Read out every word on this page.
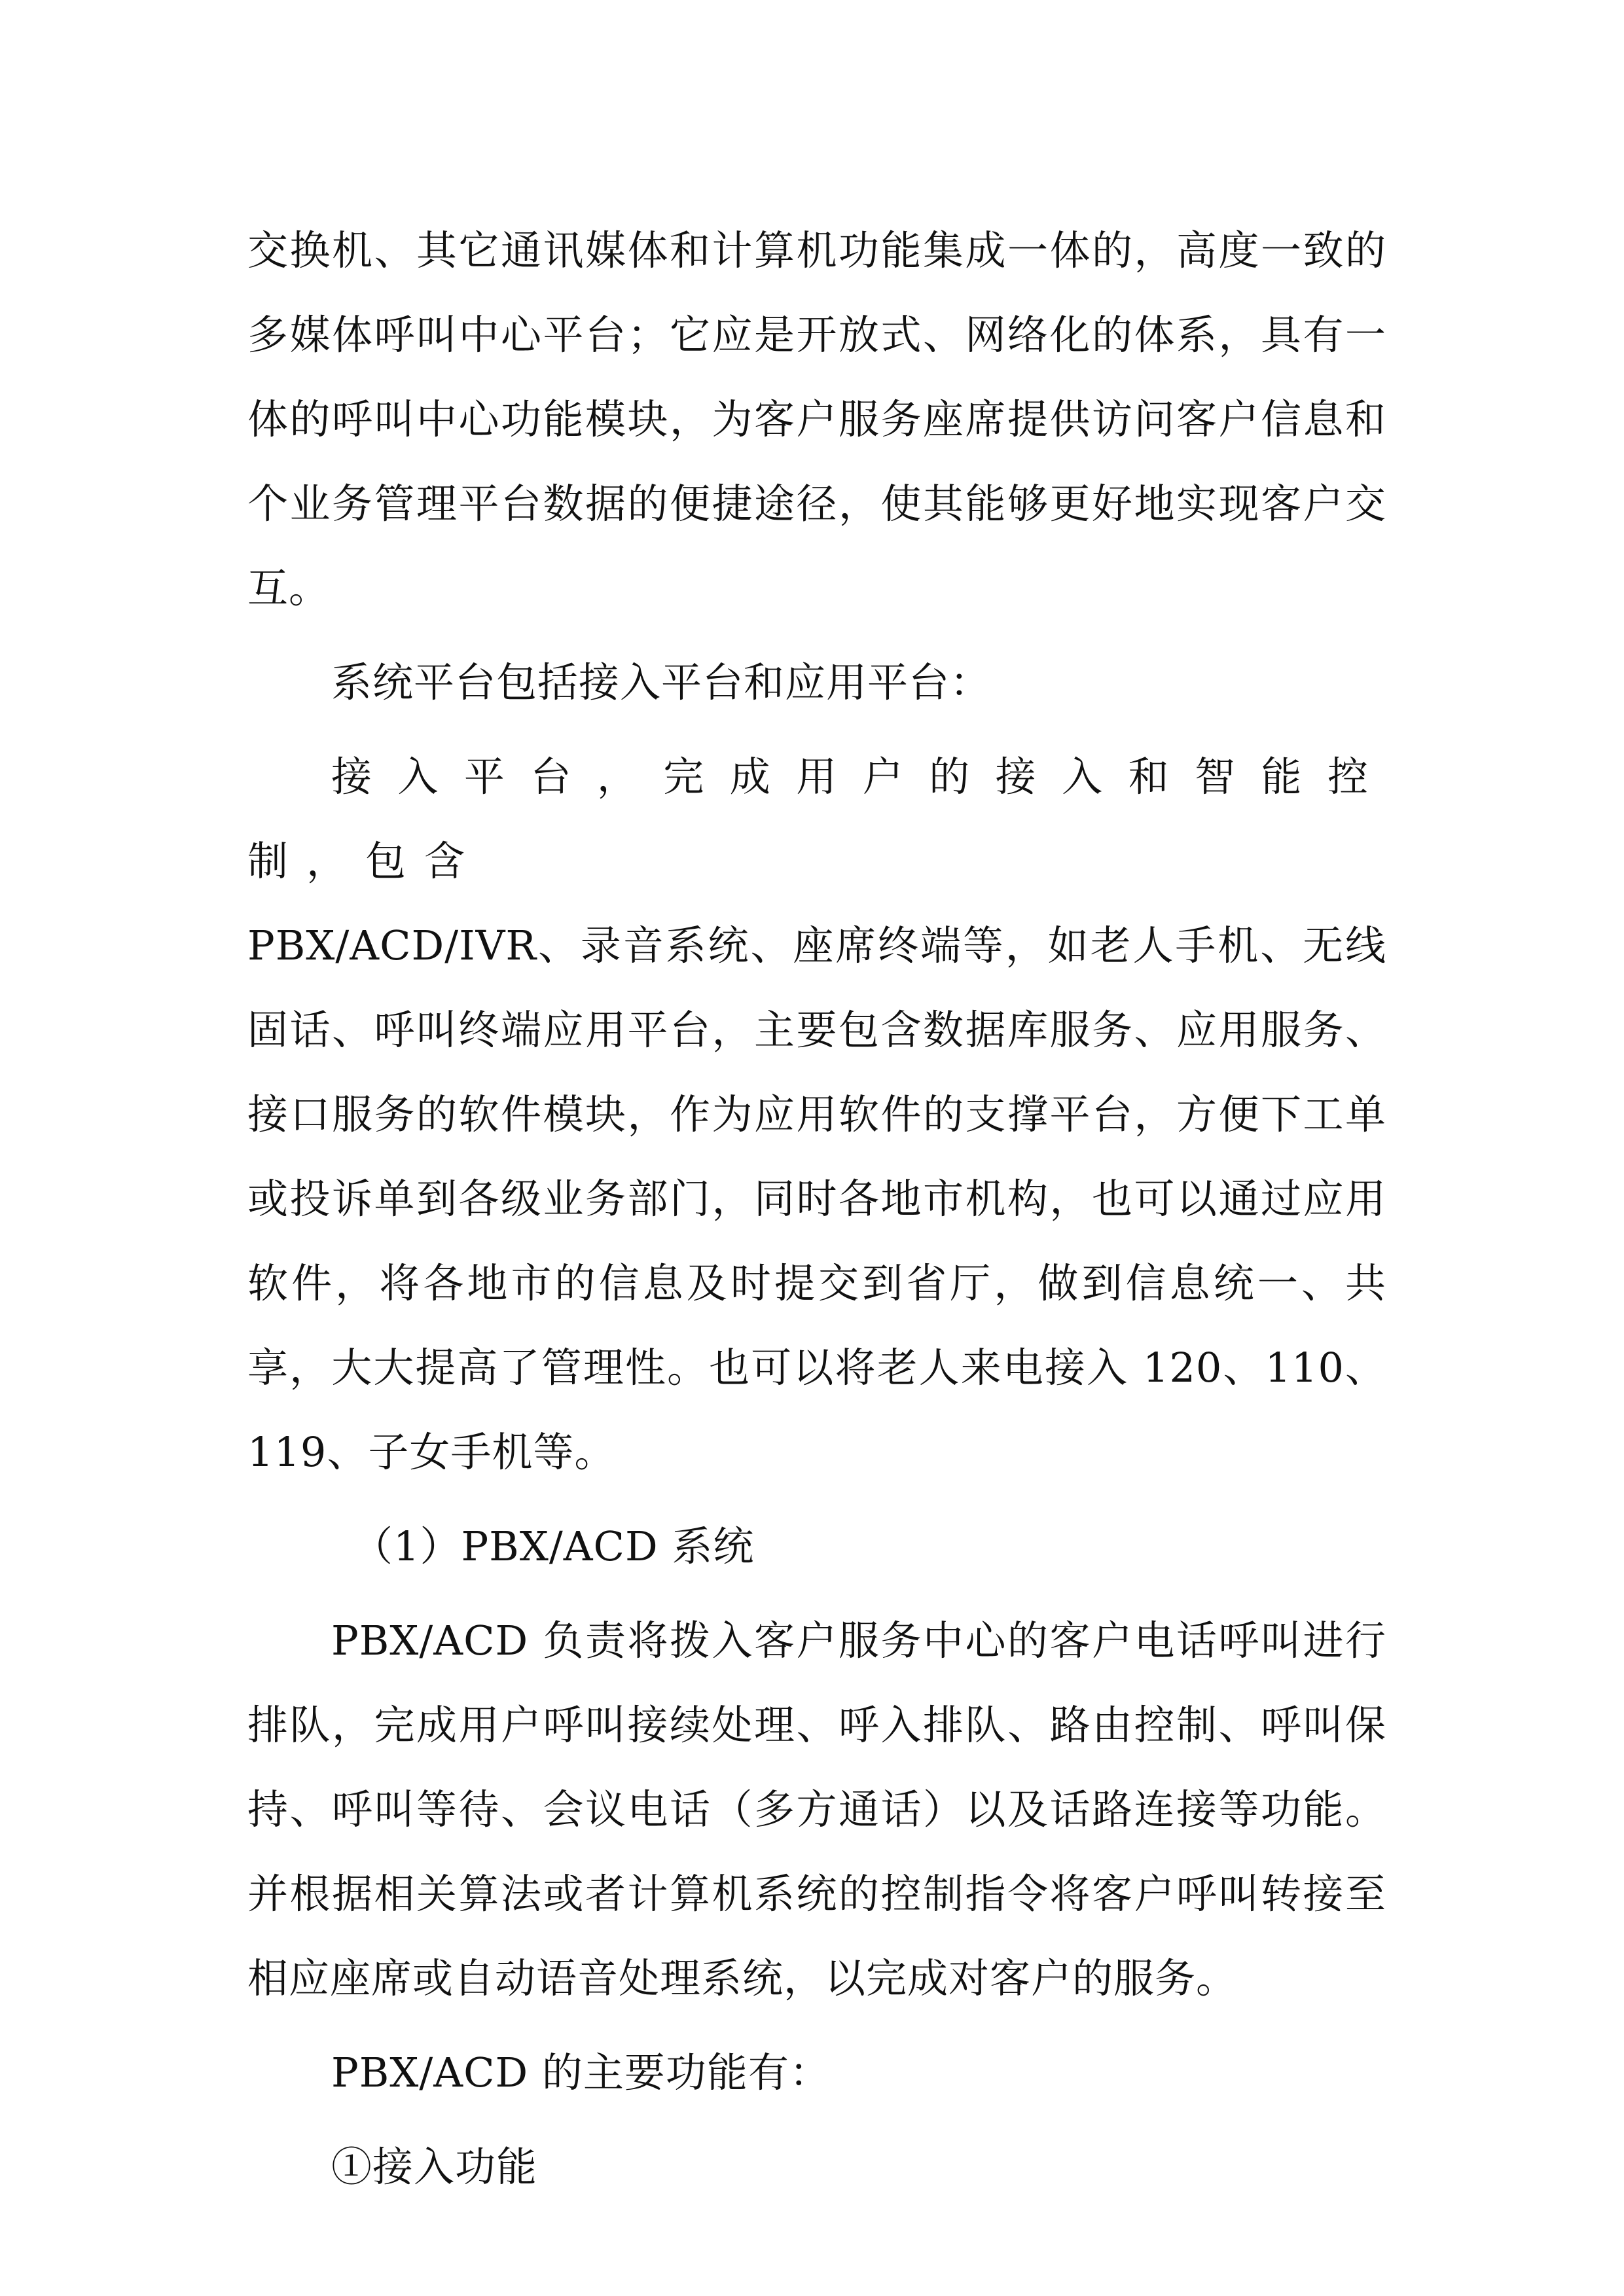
交换机、其它通讯媒体和计算机功能集成一体的，高度一致的多媒体呼叫中心平台；它应是开放式、网络化的体系，具有一体的呼叫中心功能模块，为客户服务座席提供访问客户信息和个业务管理平台数据的便捷途径，使其能够更好地实现客户交互。

系统平台包括接入平台和应用平台：

接入平台，完成用户的接入和智能控制，包含

PBX/ACD/IVR、录音系统、座席终端等，如老人手机、无线固话、呼叫终端应用平台，主要包含数据库服务、应用服务、接口服务的软件模块，作为应用软件的支撑平台，方便下工单或投诉单到各级业务部门，同时各地市机构，也可以通过应用软件，将各地市的信息及时提交到省厅，做到信息统一、共享，大大提高了管理性。也可以将老人来电接入 120、110、119、子女手机等。

（1）PBX/ACD 系统

PBX/ACD 负责将拨入客户服务中心的客户电话呼叫进行排队，完成用户呼叫接续处理、呼入排队、路由控制、呼叫保持、呼叫等待、会议电话（多方通话）以及话路连接等功能。并根据相关算法或者计算机系统的控制指令将客户呼叫转接至相应座席或自动语音处理系统，以完成对客户的服务。

PBX/ACD 的主要功能有：

①接入功能
